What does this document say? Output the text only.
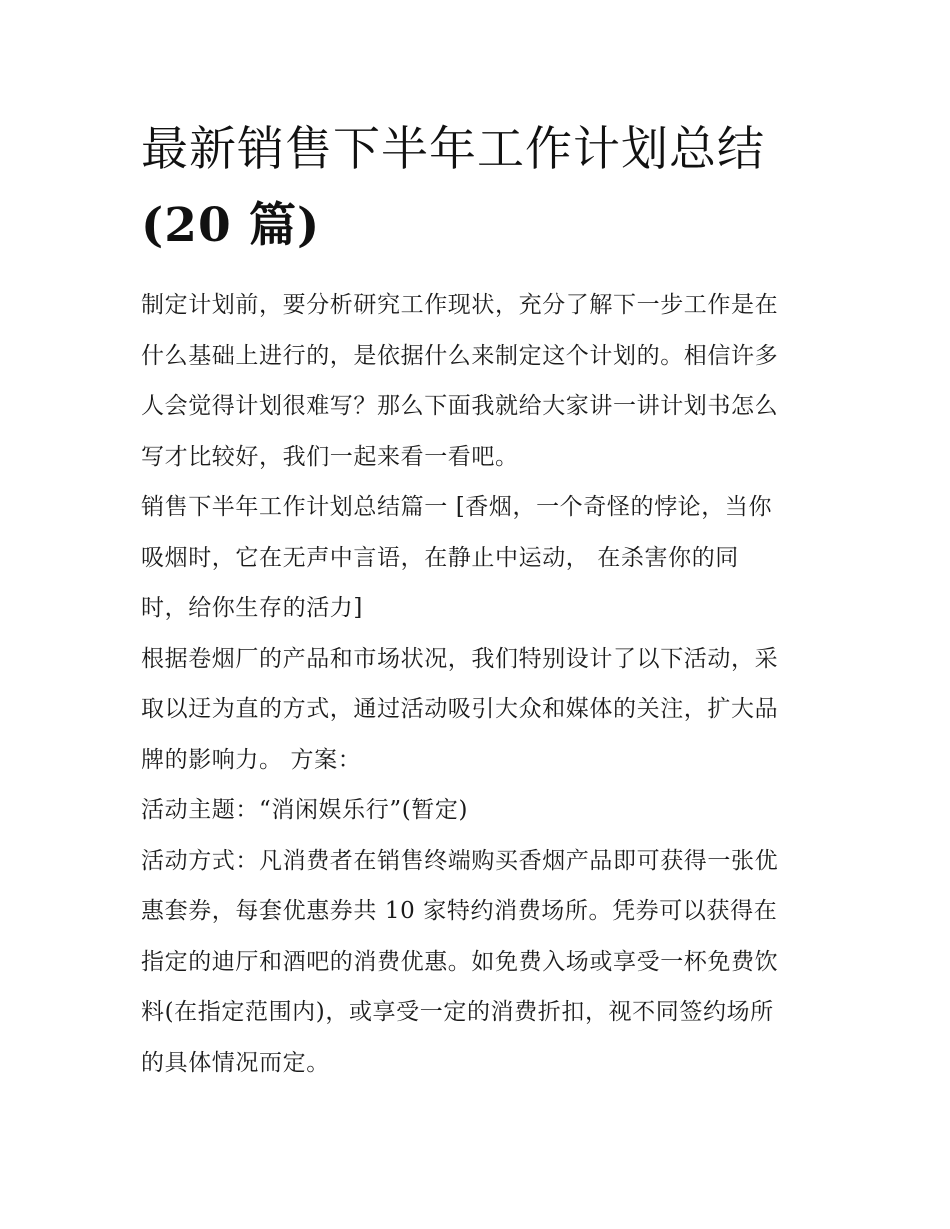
最新销售下半年工作计划总结
(20 篇)

制定计划前，要分析研究工作现状，充分了解下一步工作是在
什么基础上进行的，是依据什么来制定这个计划的。相信许多
人会觉得计划很难写？那么下面我就给大家讲一讲计划书怎么
写才比较好，我们一起来看一看吧。

销售下半年工作计划总结篇一 [香烟，一个奇怪的悖论，当你
吸烟时，它在无声中言语，在静止中运动， 在杀害你的同
时，给你生存的活力]

根据卷烟厂的产品和市场状况，我们特别设计了以下活动，采
取以迂为直的方式，通过活动吸引大众和媒体的关注，扩大品
牌的影响力。 方案：

活动主题：“消闲娱乐行”(暂定)

活动方式：凡消费者在销售终端购买香烟产品即可获得一张优
惠套券，每套优惠券共 10 家特约消费场所。凭券可以获得在
指定的迪厅和酒吧的消费优惠。如免费入场或享受一杯免费饮
料(在指定范围内)，或享受一定的消费折扣，视不同签约场所
的具体情况而定。
